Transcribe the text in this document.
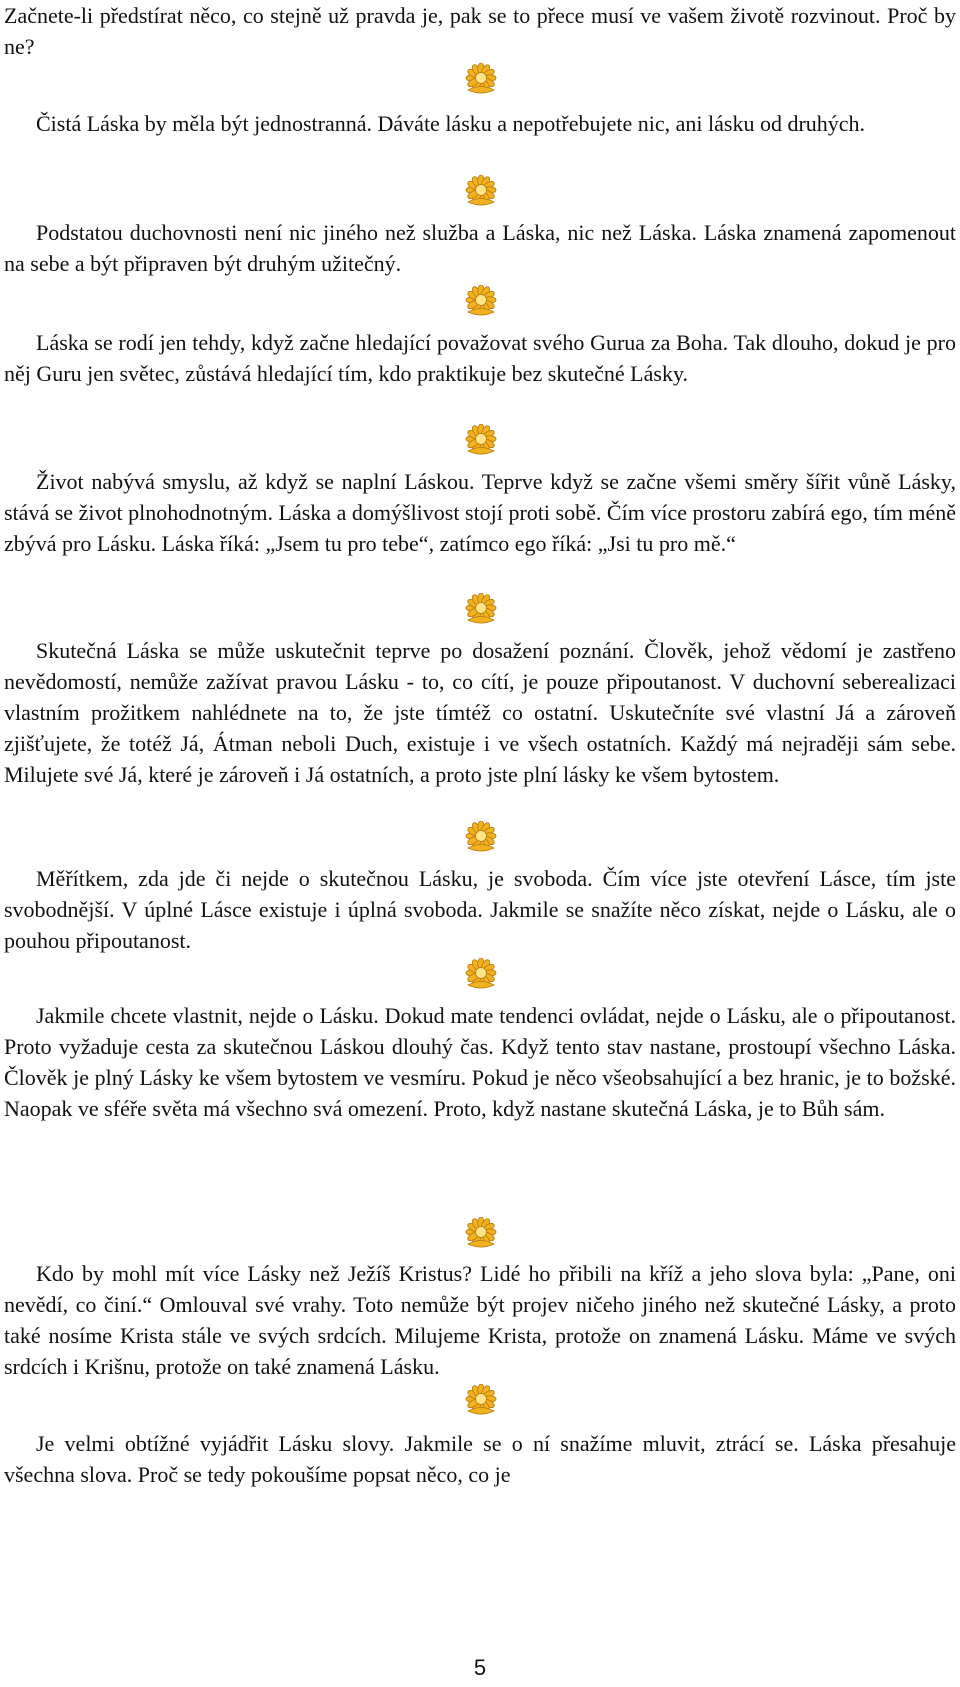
Začnete-li předstírat něco, co stejně už pravda je, pak se to přece musí ve vašem životě rozvinout. Proč by ne?

Čistá Láska by měla být jednostranná. Dáváte lásku a nepotřebujete nic, ani lásku od druhých.

Podstatou duchovnosti není nic jiného než služba a Láska, nic než Láska. Láska znamená zapomenout na sebe a být připraven být druhým užitečný.

Láska se rodí jen tehdy, když začne hledající považovat svého Gurua za Boha. Tak dlouho, dokud je pro něj Guru jen světec, zůstává hledající tím, kdo praktikuje bez skutečné Lásky.

Život nabývá smyslu, až když se naplní Láskou. Teprve když se začne všemi směry šířit vůně Lásky, stává se život plnohodnotným. Láska a domýšlivost stojí proti sobě. Čím více prostoru zabírá ego, tím méně zbývá pro Lásku. Láska říká: „Jsem tu pro tebe“, zatímco ego říká: „Jsi tu pro mě.“

Skutečná Láska se může uskutečnit teprve po dosažení poznání. Člověk, jehož vědomí je zastřeno nevědomostí, nemůže zažívat pravou Lásku - to, co cítí, je pouze připoutanost. V duchovní seberealizaci vlastním prožitkem nahlédnete na to, že jste tímtéž co ostatní. Uskutečníte své vlastní Já a zároveň zjišťujete, že totéž Já, Átman neboli Duch, existuje i ve všech ostatních. Každý má nejraději sám sebe. Milujete své Já, které je zároveň i Já ostatních, a proto jste plní lásky ke všem bytostem.

Měřítkem, zda jde či nejde o skutečnou Lásku, je svoboda. Čím více jste otevření Lásce, tím jste svobodnější. V úplné Lásce existuje i úplná svoboda. Jakmile se snažíte něco získat, nejde o Lásku, ale o pouhou připoutanost.

Jakmile chcete vlastnit, nejde o Lásku. Dokud mate tendenci ovládat, nejde o Lásku, ale o připoutanost. Proto vyžaduje cesta za skutečnou Láskou dlouhý čas. Když tento stav nastane, prostoupí všechno Láska. Člověk je plný Lásky ke všem bytostem ve vesmíru. Pokud je něco všeobsahující a bez hranic, je to božské. Naopak ve sféře světa má všechno svá omezení. Proto, když nastane skutečná Láska, je to Bůh sám.

Kdo by mohl mít více Lásky než Ježíš Kristus? Lidé ho přibili na kříž a jeho slova byla: „Pane, oni nevědí, co činí.“ Omlouval své vrahy. Toto nemůže být projev ničeho jiného než skutečné Lásky, a proto také nosíme Krista stále ve svých srdcích. Milujeme Krista, protože on znamená Lásku. Máme ve svých srdcích i Krišnu, protože on také znamená Lásku.

Je velmi obtížné vyjádřit Lásku slovy. Jakmile se o ní snažíme mluvit, ztrácí se. Láska přesahuje všechna slova. Proč se tedy pokoušíme popsat něco, co je

5
